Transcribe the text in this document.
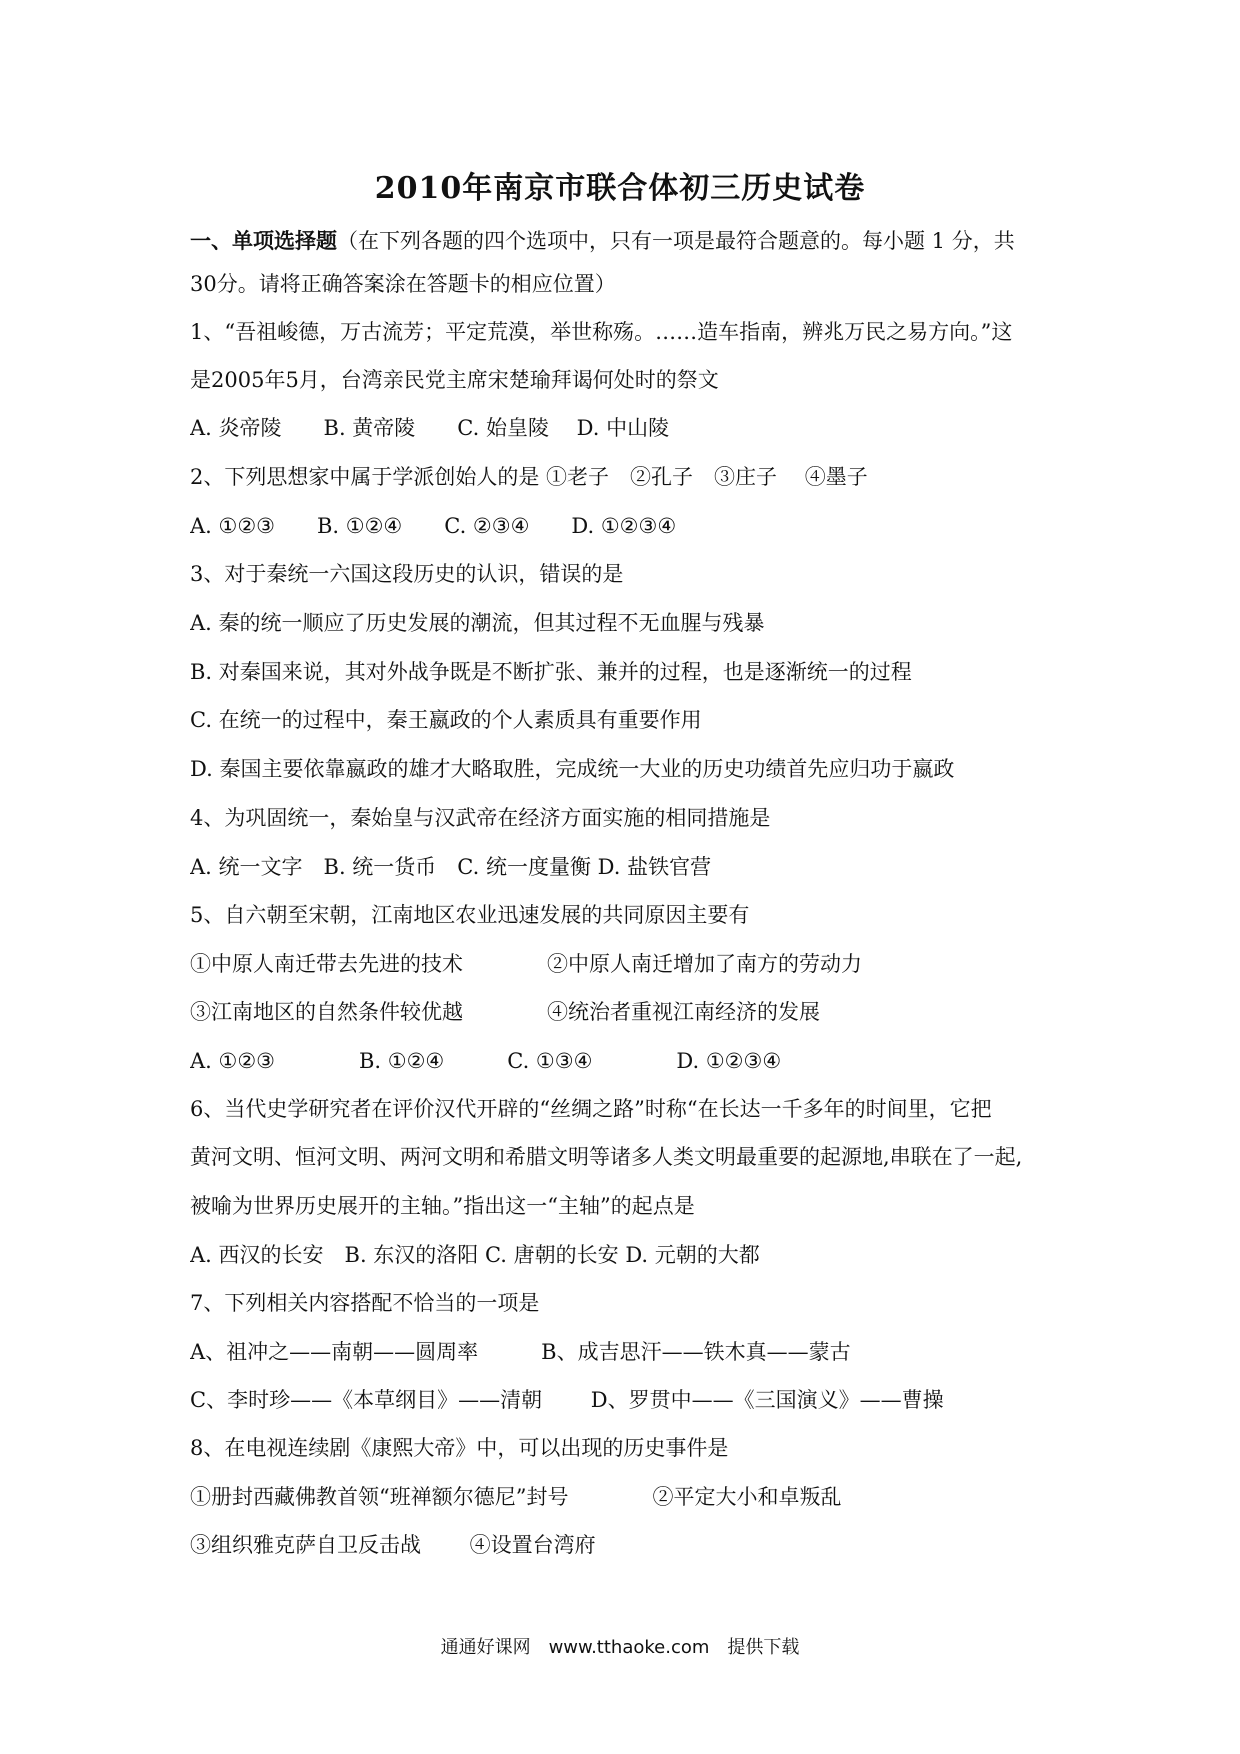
2010年南京市联合体初三历史试卷
一、单项选择题（在下列各题的四个选项中，只有一项是最符合题意的。每小题 1 分，共
30分。请将正确答案涂在答题卡的相应位置）
1、“吾祖峻德，万古流芳；平定荒漠，举世称殇。……造车指南，辨兆万民之易方向。”这
是2005年5月，台湾亲民党主席宋楚瑜拜谒何处时的祭文
A. 炎帝陵　　B. 黄帝陵　　C. 始皇陵　 D. 中山陵
2、下列思想家中属于学派创始人的是 ①老子　②孔子　③庄子　 ④墨子
A. ①②③　　B. ①②④　　C. ②③④　　D. ①②③④
3、对于秦统一六国这段历史的认识，错误的是
A. 秦的统一顺应了历史发展的潮流，但其过程不无血腥与残暴
B. 对秦国来说，其对外战争既是不断扩张、兼并的过程，也是逐渐统一的过程
C. 在统一的过程中，秦王嬴政的个人素质具有重要作用
D. 秦国主要依靠嬴政的雄才大略取胜，完成统一大业的历史功绩首先应归功于嬴政
4、为巩固统一，秦始皇与汉武帝在经济方面实施的相同措施是
A. 统一文字　B. 统一货币　C. 统一度量衡 D. 盐铁官营
5、自六朝至宋朝，江南地区农业迅速发展的共同原因主要有
①中原人南迁带去先进的技术　　　　②中原人南迁增加了南方的劳动力
③江南地区的自然条件较优越　　　　④统治者重视江南经济的发展
A. ①②③　　　　B. ①②④　　　C. ①③④　　　　D. ①②③④
6、当代史学研究者在评价汉代开辟的“丝绸之路”时称“在长达一千多年的时间里，它把
黄河文明、恒河文明、两河文明和希腊文明等诸多人类文明最重要的起源地,串联在了一起,
被喻为世界历史展开的主轴。”指出这一“主轴”的起点是
A. 西汉的长安　B. 东汉的洛阳 C. 唐朝的长安 D. 元朝的大都
7、下列相关内容搭配不恰当的一项是
A、祖冲之——南朝——圆周率　　　B、成吉思汗——铁木真——蒙古
C、李时珍——《本草纲目》——清朝　　 D、罗贯中——《三国演义》——曹操
8、在电视连续剧《康熙大帝》中，可以出现的历史事件是
①册封西藏佛教首领“班禅额尔德尼”封号　　　　②平定大小和卓叛乱
③组织雅克萨自卫反击战　　 ④设置台湾府
通通好课网　www.tthaoke.com　提供下载
